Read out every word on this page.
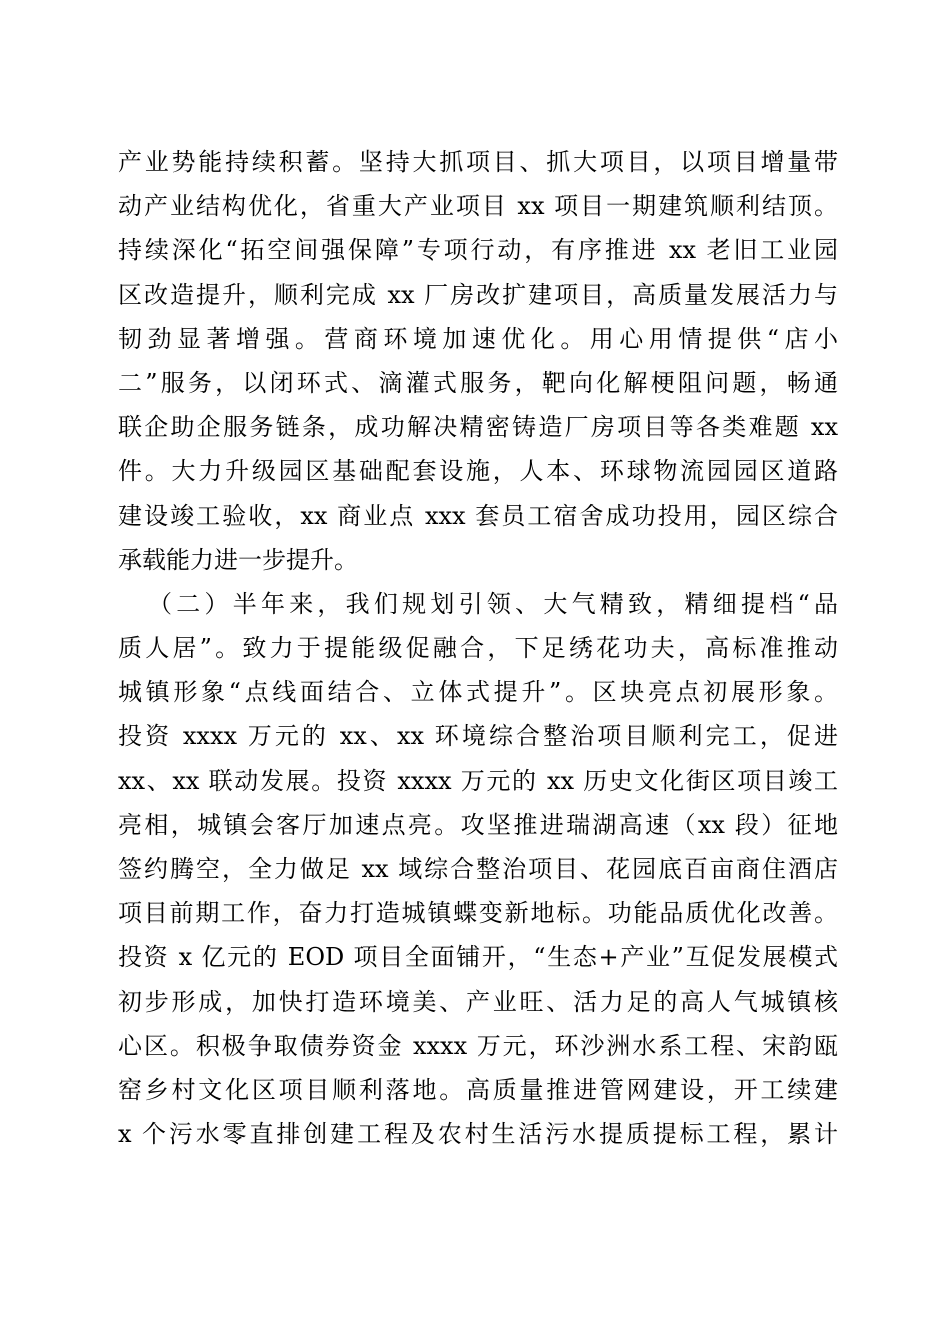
产业势能持续积蓄。坚持大抓项目、抓大项目，以项目增量带
动产业结构优化，省重大产业项目 xx 项目一期建筑顺利结顶。
持续深化“拓空间强保障”专项行动，有序推进 xx 老旧工业园
区改造提升，顺利完成 xx 厂房改扩建项目，高质量发展活力与
韧劲显著增强。营商环境加速优化。用心用情提供“店小
二”服务，以闭环式、滴灌式服务，靶向化解梗阻问题，畅通
联企助企服务链条，成功解决精密铸造厂房项目等各类难题 xx
件。大力升级园区基础配套设施，人本、环球物流园园区道路
建设竣工验收，xx 商业点 xxx 套员工宿舍成功投用，园区综合
承载能力进一步提升。
（二）半年来，我们规划引领、大气精致，精细提档“品
质人居”。致力于提能级促融合，下足绣花功夫，高标准推动
城镇形象“点线面结合、立体式提升”。区块亮点初展形象。
投资 xxxx 万元的 xx、xx 环境综合整治项目顺利完工，促进
xx、xx 联动发展。投资 xxxx 万元的 xx 历史文化街区项目竣工
亮相，城镇会客厅加速点亮。攻坚推进瑞湖高速（xx 段）征地
签约腾空，全力做足 xx 域综合整治项目、花园底百亩商住酒店
项目前期工作，奋力打造城镇蝶变新地标。功能品质优化改善。
投资 x 亿元的 EOD 项目全面铺开，“生态+产业”互促发展模式
初步形成，加快打造环境美、产业旺、活力足的高人气城镇核
心区。积极争取债券资金 xxxx 万元，环沙洲水系工程、宋韵瓯
窑乡村文化区项目顺利落地。高质量推进管网建设，开工续建
x 个污水零直排创建工程及农村生活污水提质提标工程，累计
